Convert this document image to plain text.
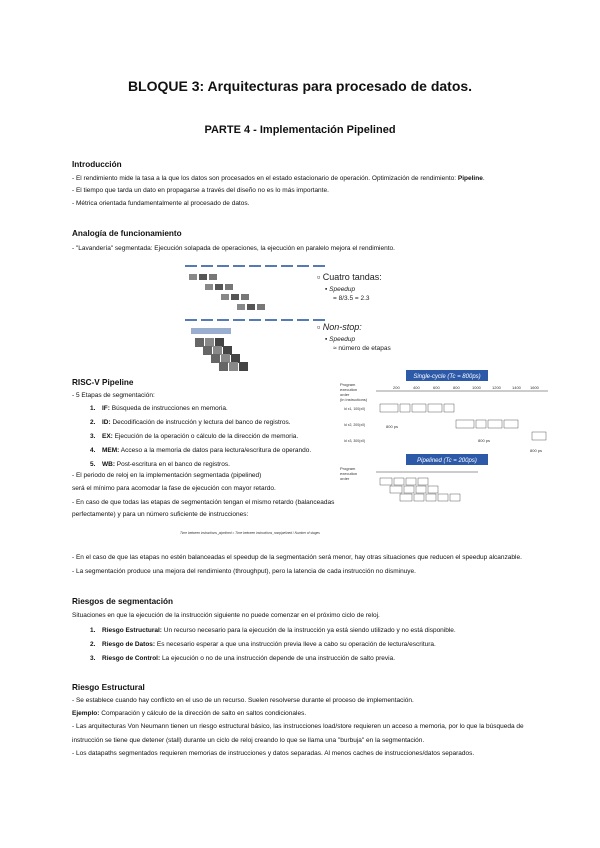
BLOQUE 3: Arquitecturas para procesado de datos.
PARTE 4 - Implementación Pipelined
Introducción
- El rendimiento mide la tasa a la que los datos son procesados en el estado estacionario de operación. Optimización de rendimiento: Pipeline.
- El tiempo que tarda un dato en propagarse a través del diseño no es lo más importante.
- Métrica orientada fundamentalmente al procesado de datos.
Analogía de funcionamiento
- "Lavandería" segmentada: Ejecución solapada de operaciones, la ejecución en paralelo mejora el rendimiento.
▫ Cuatro tandas:
▪ Speedup
= 8/3.5 = 2.3
▫ Non-stop:
▪ Speedup
≈ número de etapas
RISC-V Pipeline
- 5 Etapas de segmentación:
1. IF: Búsqueda de instrucciones en memoria.
2. ID: Decodificación de instrucción y lectura del banco de registros.
3. EX: Ejecución de la operación o cálculo de la dirección de memoria.
4. MEM: Acceso a la memoria de datos para lectura/escritura de operando.
5. WB: Post-escritura en el banco de registros.
- El periodo de reloj en la implementación segmentada (pipelined)
será el mínimo para acomodar la fase de ejecución con mayor retardo.
- En caso de que todas las etapas de segmentación tengan el mismo retardo (balanceadas
perfectamente) y para un número suficiente de instrucciones:
Time between instructions_pipelined = Time between instructions_nonpipelined / Number of stages
Single-cycle (Tc = 800ps)
Program
execution
order
(in instructions)
200	400	600	800	1000	1200	1400 1600
ld x1, 100(x0)
ld x2, 200(x0)	800 ps
ld x3, 300(x0)	800 ps
800 ps
Pipelined (Tc = 200ps)
Program
execution
order
- En el caso de que las etapas no estén balanceadas el speedup de la segmentación será menor, hay otras situaciones que reducen el speedup alcanzable.
- La segmentación produce una mejora del rendimiento (throughput), pero la latencia de cada instrucción no disminuye.
Riesgos de segmentación
Situaciones en que la ejecución de la instrucción siguiente no puede comenzar en el próximo ciclo de reloj.
1. Riesgo Estructural: Un recurso necesario para la ejecución de la instrucción ya está siendo utilizado y no está disponible.
2. Riesgo de Datos: Es necesario esperar a que una instrucción previa lleve a cabo su operación de lectura/escritura.
3. Riesgo de Control: La ejecución o no de una instrucción depende de una instrucción de salto previa.
Riesgo Estructural
- Se establece cuando hay conflicto en el uso de un recurso. Suelen resolverse durante el proceso de implementación.
Ejemplo: Comparación y cálculo de la dirección de salto en saltos condicionales.
- Las arquitecturas Von Neumann tienen un riesgo estructural básico, las instrucciones load/store requieren un acceso a memoria, por lo que la búsqueda de
instrucción se tiene que detener (stall) durante un ciclo de reloj creando lo que se llama una "burbuja" en la segmentación.
- Los datapaths segmentados requieren memorias de instrucciones y datos separadas. Al menos caches de instrucciones/datos separados.
